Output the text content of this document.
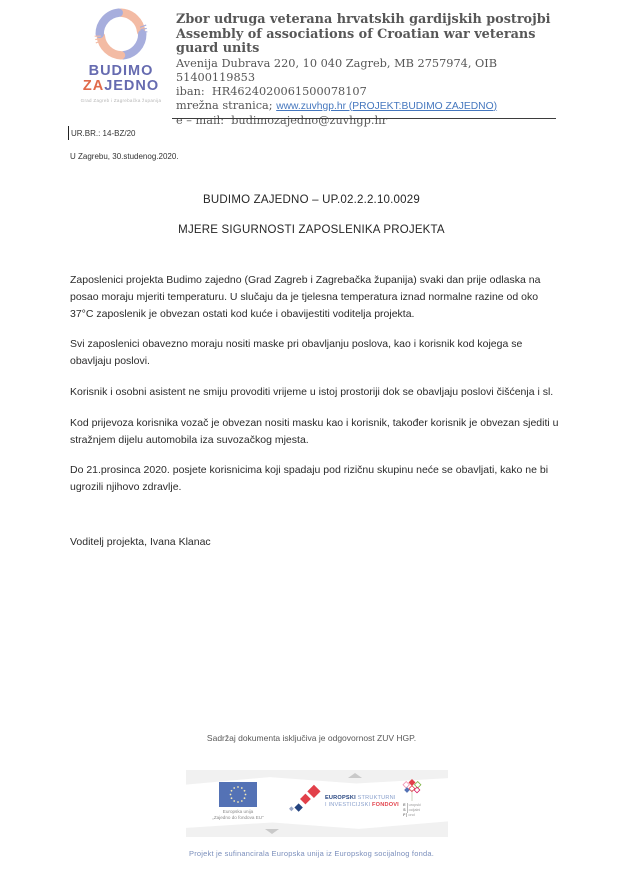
BUDIMO
ZAJEDNO
Grad Zagreb i Zagrebačka županija
Zbor udruga veterana hrvatskih gardijskih postrojbi
Assembly of associations of Croatian war veterans guard units
Avenija Dubrava 220, 10 040 Zagreb, MB 2757974, OIB 51400119853
iban: HR4624020061500078107
mrežna stranica; www.zuvhgp.hr (PROJEKT:BUDIMO ZAJEDNO)
e – mail: budimozajedno@zuvhgp.hr
UR.BR.: 14-BZ/20
U Zagrebu, 30.studenog.2020.
BUDIMO ZAJEDNO – UP.02.2.2.10.0029
MJERE SIGURNOSTI ZAPOSLENIKA PROJEKTA

Zaposlenici projekta Budimo zajedno (Grad Zagreb i Zagrebačka županija) svaki dan prije odlaska na posao moraju mjeriti temperaturu. U slučaju da je tjelesna temperatura iznad normalne razine od oko 37°C zaposlenik je obvezan ostati kod kuće i obavijestiti voditelja projekta.

Svi zaposlenici obavezno moraju nositi maske pri obavljanju poslova, kao i korisnik kod kojega se obavljaju poslovi.

Korisnik i osobni asistent ne smiju provoditi vrijeme u istoj prostoriji dok se obavljaju poslovi čišćenja i sl.

Kod prijevoza korisnika vozač je obvezan nositi masku kao i korisnik, također korisnik je obvezan sjediti u stražnjem dijelu automobila iza suvozačkog mjesta.

Do 21.prosinca 2020. posjete korisnicima koji spadaju pod rizičnu skupinu neće se obavljati, kako ne bi ugrozili njihovo zdravlje.

Voditelj projekta, Ivana Klanac
Sadržaj dokumenta isključiva je odgovornost ZUV HGP.
Europska unija
„Zajedno do fondova EU“
EUROPSKI STRUKTURNI
I INVESTICIJSKI FONDOVI E uropski
S ocijalni
F ond
Projekt je sufinancirala Europska unija iz Europskog socijalnog fonda.
